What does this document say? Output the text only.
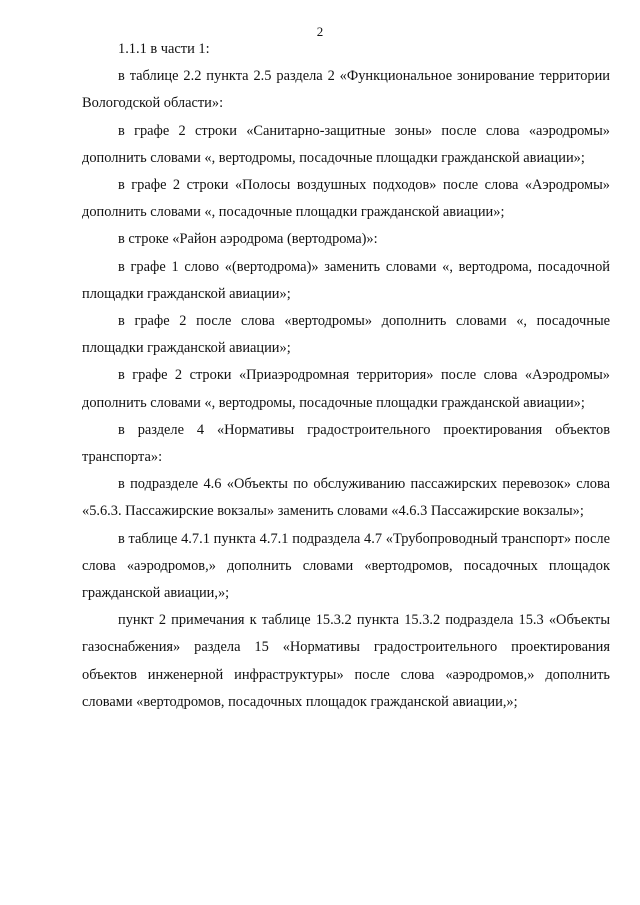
2

1.1.1 в части 1:

в таблице 2.2 пункта 2.5 раздела 2 «Функциональное зонирование территории Вологодской области»:

в графе 2 строки «Санитарно-защитные зоны» после слова «аэродромы» дополнить словами «, вертодромы, посадочные площадки гражданской авиации»;

в графе 2 строки «Полосы воздушных подходов» после слова «Аэродромы» дополнить словами «, посадочные площадки гражданской авиации»;

в строке «Район аэродрома (вертодрома)»:

в графе 1 слово «(вертодрома)» заменить словами «, вертодрома, посадочной площадки гражданской авиации»;

в графе 2 после слова «вертодромы» дополнить словами «, посадочные площадки гражданской авиации»;

в графе 2 строки «Приаэродромная территория» после слова «Аэродромы» дополнить словами «, вертодромы, посадочные площадки гражданской авиации»;

в разделе 4 «Нормативы градостроительного проектирования объектов транспорта»:

в подразделе 4.6 «Объекты по обслуживанию пассажирских перевозок» слова «5.6.3. Пассажирские вокзалы» заменить словами «4.6.3 Пассажирские вокзалы»;

в таблице 4.7.1 пункта 4.7.1 подраздела 4.7 «Трубопроводный транспорт» после слова «аэродромов,» дополнить словами «вертодромов, посадочных площадок гражданской авиации,»;

пункт 2 примечания к таблице 15.3.2 пункта 15.3.2 подраздела 15.3 «Объекты газоснабжения» раздела 15 «Нормативы градостроительного проектирования объектов инженерной инфраструктуры» после слова «аэродромов,» дополнить словами «вертодромов, посадочных площадок гражданской авиации,»;
